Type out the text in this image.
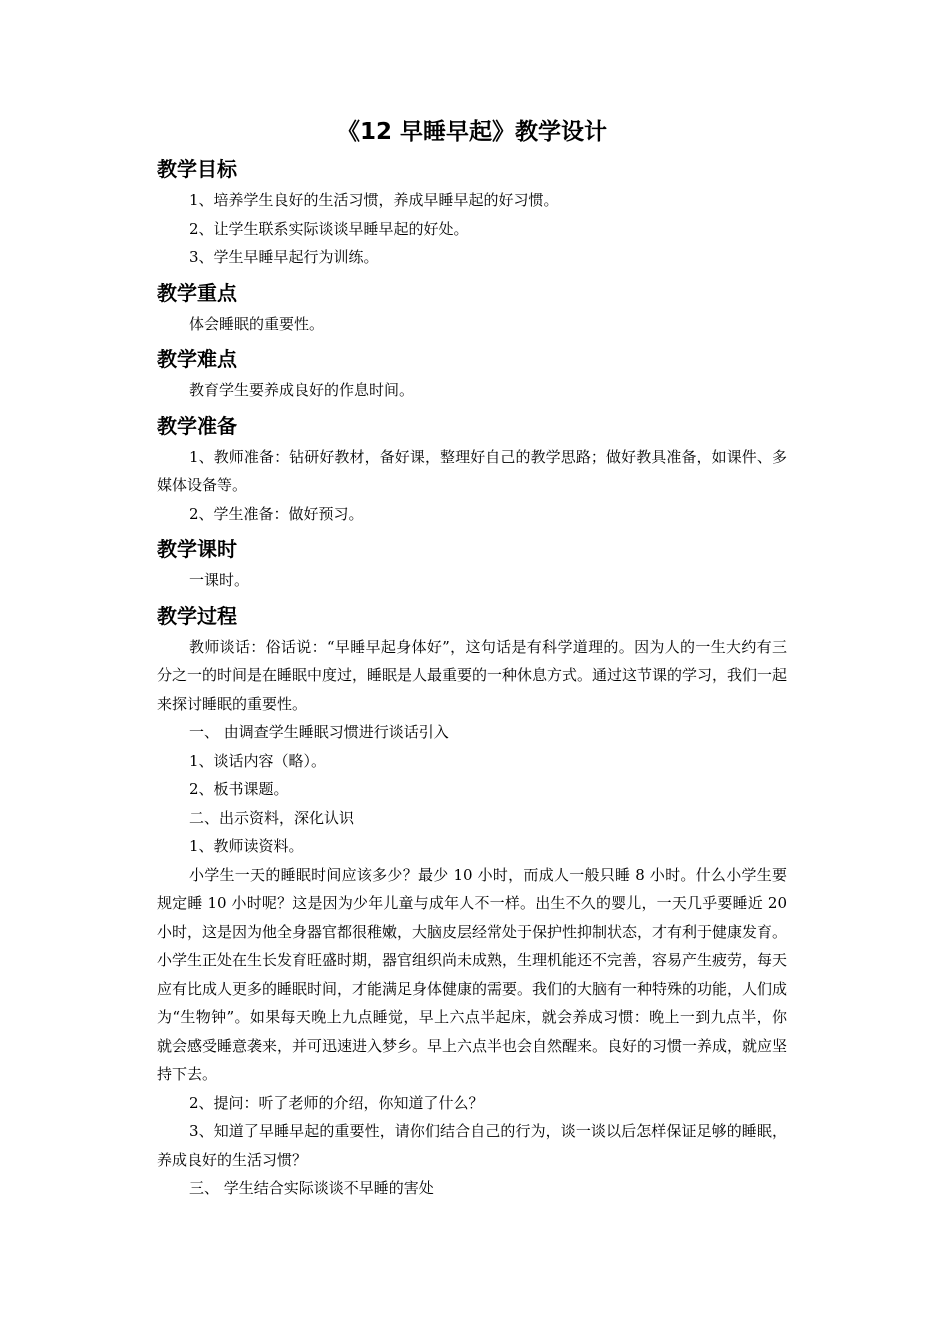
《12 早睡早起》教学设计
教学目标

1、培养学生良好的生活习惯，养成早睡早起的好习惯。

2、让学生联系实际谈谈早睡早起的好处。

3、学生早睡早起行为训练。

教学重点

体会睡眠的重要性。

教学难点

教育学生要养成良好的作息时间。

教学准备

1、教师准备：钻研好教材，备好课，整理好自己的教学思路；做好教具准备，如课件、多媒体设备等。

2、学生准备：做好预习。

教学课时

一课时。

教学过程

教师谈话：俗话说：“早睡早起身体好”，这句话是有科学道理的。因为人的一生大约有三分之一的时间是在睡眠中度过，睡眠是人最重要的一种休息方式。通过这节课的学习，我们一起来探讨睡眠的重要性。

一、 由调查学生睡眠习惯进行谈话引入

1、谈话内容（略）。

2、板书课题。

二、出示资料，深化认识

1、教师读资料。

小学生一天的睡眠时间应该多少？最少 10 小时，而成人一般只睡 8 小时。什么小学生要规定睡 10 小时呢？这是因为少年儿童与成年人不一样。出生不久的婴儿，一天几乎要睡近 20 小时，这是因为他全身器官都很稚嫩，大脑皮层经常处于保护性抑制状态，才有利于健康发育。小学生正处在生长发育旺盛时期，器官组织尚未成熟，生理机能还不完善，容易产生疲劳，每天应有比成人更多的睡眠时间，才能满足身体健康的需要。我们的大脑有一种特殊的功能，人们成为“生物钟”。如果每天晚上九点睡觉，早上六点半起床，就会养成习惯：晚上一到九点半，你就会感受睡意袭来，并可迅速进入梦乡。早上六点半也会自然醒来。良好的习惯一养成，就应坚持下去。

2、提问：听了老师的介绍，你知道了什么？

3、知道了早睡早起的重要性，请你们结合自己的行为，谈一谈以后怎样保证足够的睡眠，养成良好的生活习惯？

三、 学生结合实际谈谈不早睡的害处
